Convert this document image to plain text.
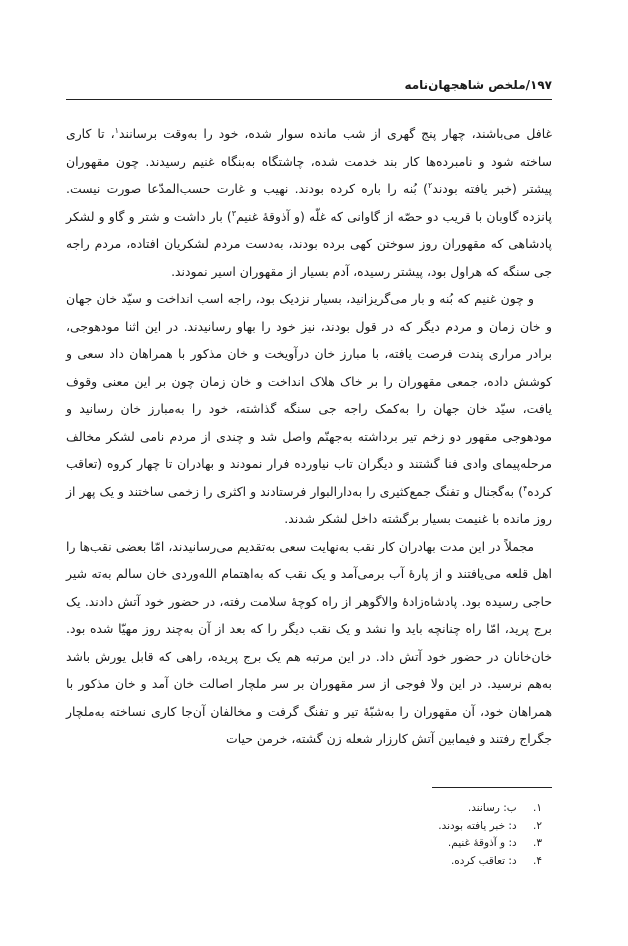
۱۹۷/ملخص شاهجهان‌نامه

غافل می‌باشند، چهار پنج گهری از شب مانده سوار شده، خود را به‌وقت برسانند$^۱$، تا کاری ساخته شود و نامبرده‌ها کار بند خدمت شده، چاشتگاه به‌بنگاه غنیم رسیدند. چون مقهوران پیشتر (خبر یافته بودند$^۲$) بُنه را باره کرده بودند. نهیب و غارت حسب‌المدّعا صورت نیست. پانزده گاوبان با قریب دو حصّه از گاوانی که غلّه (و آذوقهٔ غنیم$^۳$) بار داشت و شتر و گاو و لشکر پادشاهی که مقهوران روز سوختن کهی برده بودند، به‌دست مردم لشکریان افتاده، مردم راجه جی سنگه که هراول بود، پیشتر رسیده، آدم بسیار از مقهوران اسیر نمودند.

و چون غنیم که بُنه و بار می‌گریزانید، بسیار نزدیک بود، راجه اسب انداخت و سیّد خان جهان و خان زمان و مردم دیگر که در قول بودند، نیز خود را بهاو رسانیدند. در این اثنا مودهوجی، برادر مراری پندت فرصت یافته، با مبارز خان درآویخت و خان مذکور با همراهان داد سعی و کوشش داده، جمعی مقهوران را بر خاک هلاک انداخت و خان زمان چون بر این معنی وقوف یافت، سیّد خان جهان را به‌کمک راجه جی سنگه گذاشته، خود را به‌مبارز خان رسانید و مودهوجی مقهور دو زخم تیر برداشته به‌جهنّم واصل شد و چندی از مردم نامی لشکر مخالف مرحله‌پیمای وادی فنا گشتند و دیگران تاب نیاورده فرار نمودند و بهادران تا چهار کروه (تعاقب کرده$^۴$) به‌گجنال و تفنگ جمع‌کثیری را به‌دارالبوار فرستادند و اکثری را زخمی ساختند و یک پهر از روز مانده با غنیمت بسیار برگشته داخل لشکر شدند.

مجملاً در این مدت بهادران کار نقب به‌نهایت سعی به‌تقدیم می‌رسانیدند، امّا بعضی نقب‌ها را اهل قلعه می‌یافتند و از پارهٔ آب برمی‌آمد و یک نقب که به‌اهتمام الله‌وردی خان سالم به‌ته شیر حاجی رسیده بود. پادشاه‌زادهٔ والاگوهر از راه کوچهٔ سلامت رفته، در حضور خود آتش دادند. یک برج پرید، امّا راه چنانچه باید وا نشد و یک نقب دیگر را که بعد از آن به‌چند روز مهیّا شده بود. خان‌خانان در حضور خود آتش داد. در این مرتبه هم یک برج پریده، راهی که قابل یورش باشد به‌هم نرسید. در این ولا فوجی از سر مقهوران بر سر ملچار اصالت خان آمد و خان مذکور با همراهان خود، آن مقهوران را به‌شبّهٔ تیر و تفنگ گرفت و مخالفان آن‌جا کاری نساخته به‌ملچار جگراج رفتند و فیمابین آتش کارزار شعله زن گشته، خرمن حیات

۱. ب: رسانند.
۲. د: خبر یافته بودند.
۳. د: و آذوقهٔ غنیم.
۴. د: تعاقب کرده.
